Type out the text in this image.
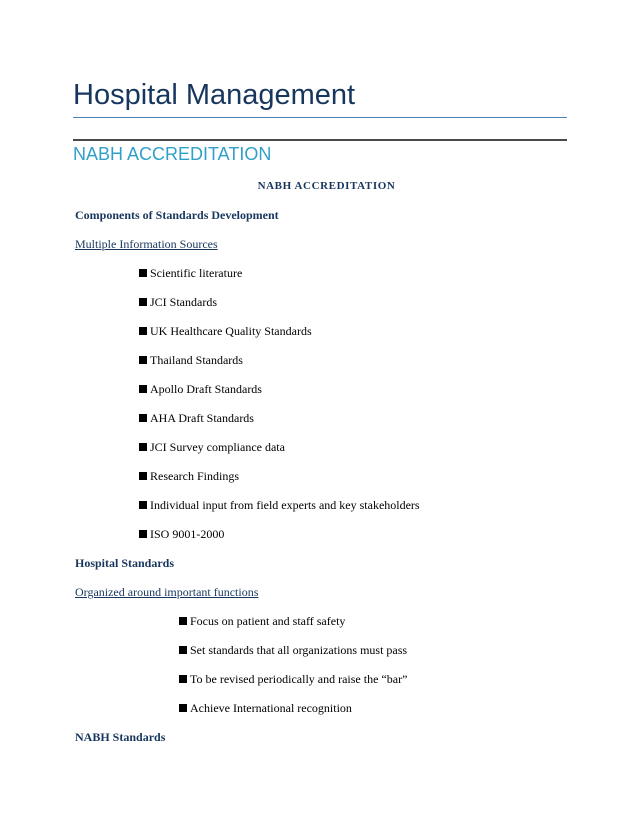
Hospital Management
NABH ACCREDITATION
NABH ACCREDITATION
Components of Standards Development
Multiple Information Sources
Scientific literature
JCI Standards
UK Healthcare Quality Standards
Thailand Standards
Apollo Draft Standards
AHA Draft Standards
JCI Survey compliance data
Research Findings
Individual input from field experts and key stakeholders
ISO 9001-2000
Hospital Standards
Organized around important functions
Focus on patient and staff safety
Set standards that all organizations must pass
To be revised periodically and raise the “bar”
Achieve International recognition
NABH Standards
